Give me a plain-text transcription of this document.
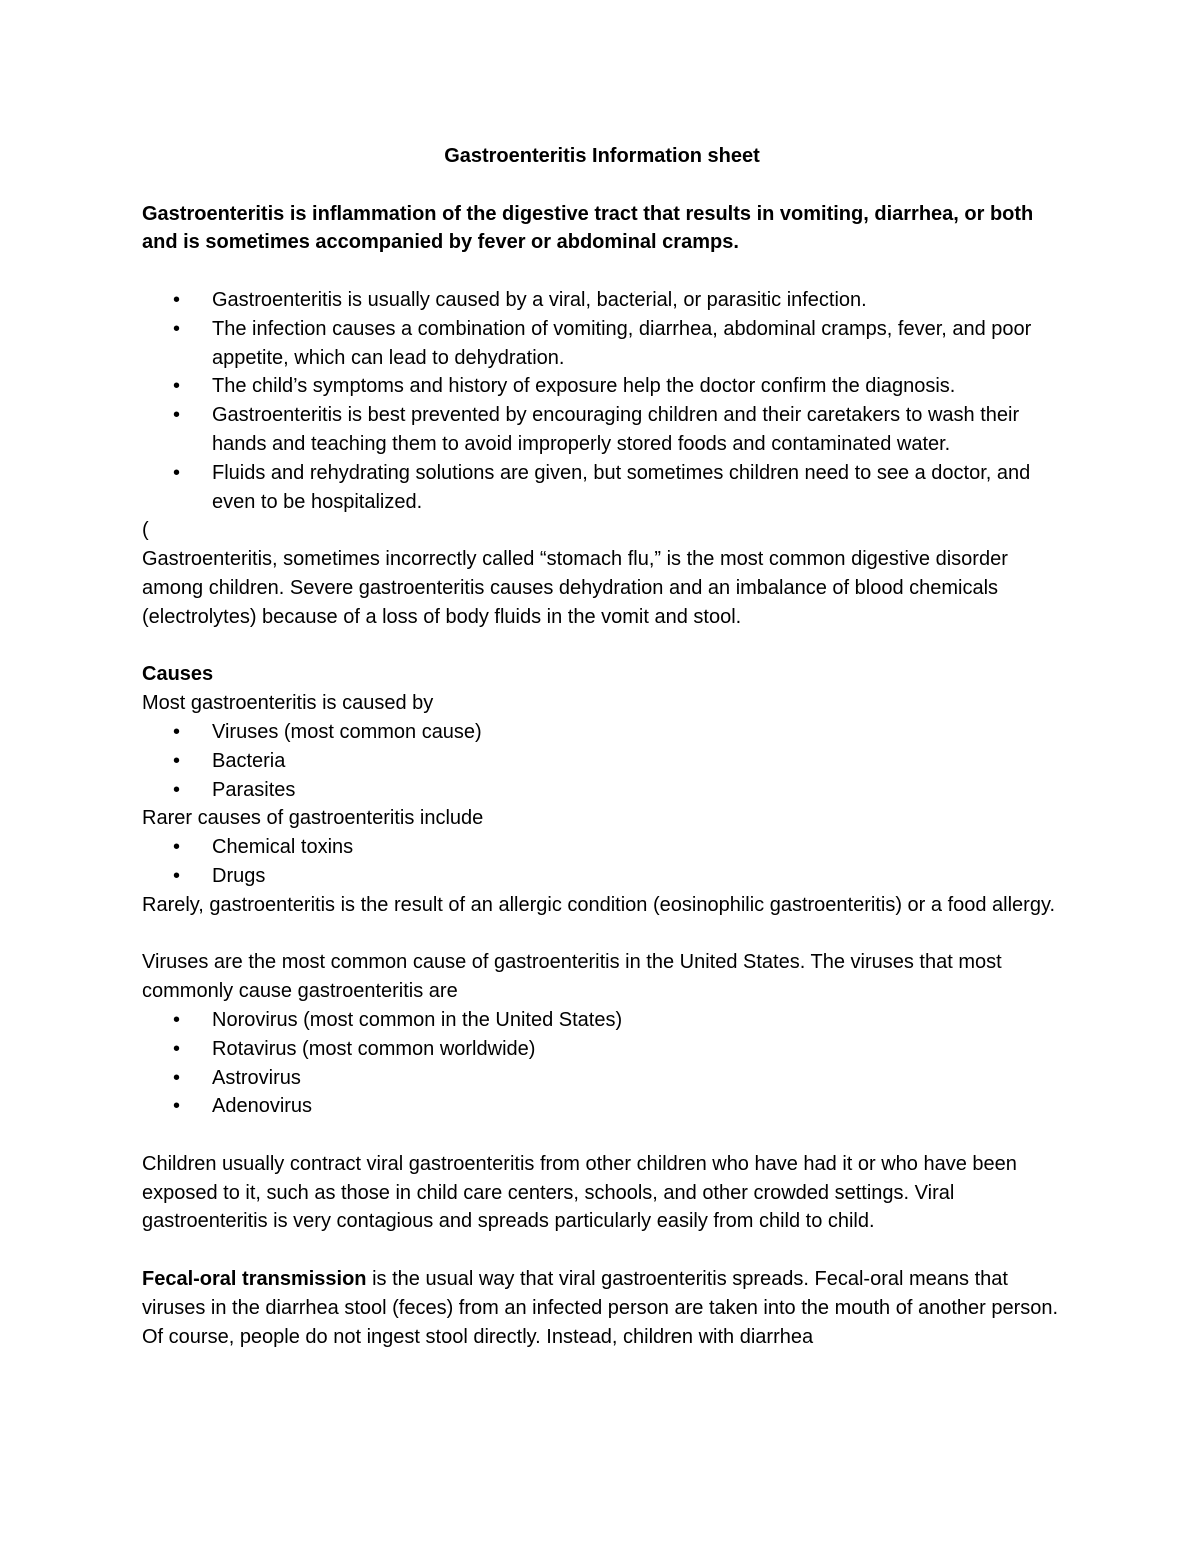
Gastroenteritis Information sheet

Gastroenteritis is inflammation of the digestive tract that results in vomiting, diarrhea, or both and is sometimes accompanied by fever or abdominal cramps.

• Gastroenteritis is usually caused by a viral, bacterial, or parasitic infection.
• The infection causes a combination of vomiting, diarrhea, abdominal cramps, fever, and poor appetite, which can lead to dehydration.
• The child’s symptoms and history of exposure help the doctor confirm the diagnosis.
• Gastroenteritis is best prevented by encouraging children and their caretakers to wash their hands and teaching them to avoid improperly stored foods and contaminated water.
• Fluids and rehydrating solutions are given, but sometimes children need to see a doctor, and even to be hospitalized.

(

Gastroenteritis, sometimes incorrectly called “stomach flu,” is the most common digestive disorder among children. Severe gastroenteritis causes dehydration and an imbalance of blood chemicals (electrolytes) because of a loss of body fluids in the vomit and stool.

Causes

Most gastroenteritis is caused by

• Viruses (most common cause)
• Bacteria
• Parasites

Rarer causes of gastroenteritis include

• Chemical toxins
• Drugs

Rarely, gastroenteritis is the result of an allergic condition (eosinophilic gastroenteritis) or a food allergy.

Viruses are the most common cause of gastroenteritis in the United States. The viruses that most commonly cause gastroenteritis are

• Norovirus (most common in the United States)
• Rotavirus (most common worldwide)
• Astrovirus
• Adenovirus

Children usually contract viral gastroenteritis from other children who have had it or who have been exposed to it, such as those in child care centers, schools, and other crowded settings. Viral gastroenteritis is very contagious and spreads particularly easily from child to child.

Fecal-oral transmission is the usual way that viral gastroenteritis spreads. Fecal-oral means that viruses in the diarrhea stool (feces) from an infected person are taken into the mouth of another person. Of course, people do not ingest stool directly. Instead, children with diarrhea
